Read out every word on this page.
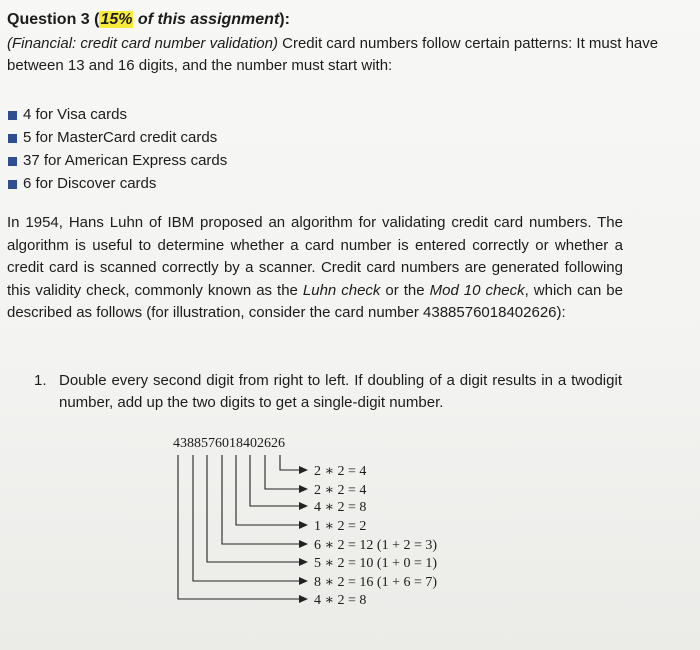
Question 3 (15% of this assignment):
(Financial: credit card number validation) Credit card numbers follow certain patterns: It must have between 13 and 16 digits, and the number must start with:
4 for Visa cards
5 for MasterCard credit cards
37 for American Express cards
6 for Discover cards
In 1954, Hans Luhn of IBM proposed an algorithm for validating credit card numbers. The algorithm is useful to determine whether a card number is entered correctly or whether a credit card is scanned correctly by a scanner. Credit card numbers are generated following this validity check, commonly known as the Luhn check or the Mod 10 check, which can be described as follows (for illustration, consider the card number 4388576018402626):
1. Double every second digit from right to left. If doubling of a digit results in a twodigit number, add up the two digits to get a single-digit number.
4388576018402626
2 ∗ 2 = 4
2 ∗ 2 = 4
4 ∗ 2 = 8
1 ∗ 2 = 2
6 ∗ 2 = 12 (1 + 2 = 3)
5 ∗ 2 = 10 (1 + 0 = 1)
8 ∗ 2 = 16 (1 + 6 = 7)
4 ∗ 2 = 8
